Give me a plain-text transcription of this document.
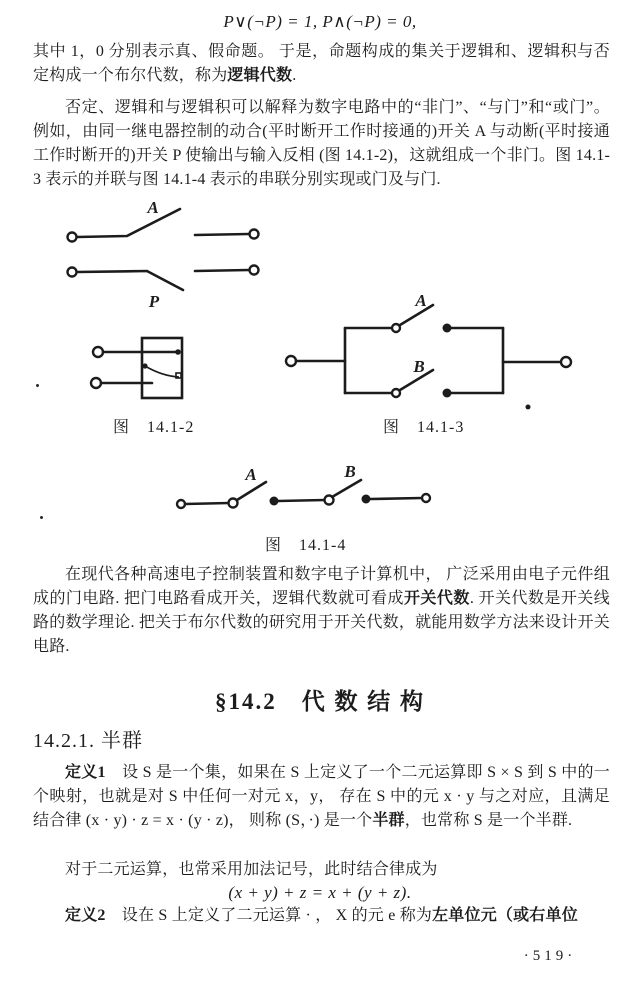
P∨(¬P) = 1, P∧(¬P) = 0,

其中 1，0 分别表示真、假命题。 于是，命题构成的集关于逻辑和、逻辑积与否定构成一个布尔代数，称为逻辑代数.

否定、逻辑和与逻辑积可以解释为数字电路中的“非门”、“与门”和“或门”。例如，由同一继电器控制的动合(平时断开工作时接通的)开关 A 与动断(平时接通工作时断开的)开关 P 使输出与输入反相 (图 14.1-2)，这就组成一个非门。图 14.1-3 表示的并联与图 14.1-4 表示的串联分别实现或门及与门.

A
P
图　14.1-2
A
B
图　14.1-3
A	B
图　14.1-4

在现代各种高速电子控制装置和数字电子计算机中， 广泛采用由电子元件组成的门电路. 把门电路看成开关，逻辑代数就可看成开关代数. 开关代数是开关线路的数学理论. 把关于布尔代数的研究用于开关代数，就能用数学方法来设计开关电路.

§14.2　代 数 结 构
14.2.1. 半群

定义1　设 S 是一个集，如果在 S 上定义了一个二元运算即 S × S 到 S 中的一个映射，也就是对 S 中任何一对元 x，y， 存在 S 中的元 x · y 与之对应，且满足结合律 (x · y) · z = x · (y · z)， 则称 (S，·) 是一个半群，也常称 S 是一个半群.

对于二元运算，也常采用加法记号，此时结合律成为

(x + y) + z = x + (y + z).

定义2　设在 S 上定义了二元运算 · ， X 的元 e 称为左单位元（或右单位

·519·
